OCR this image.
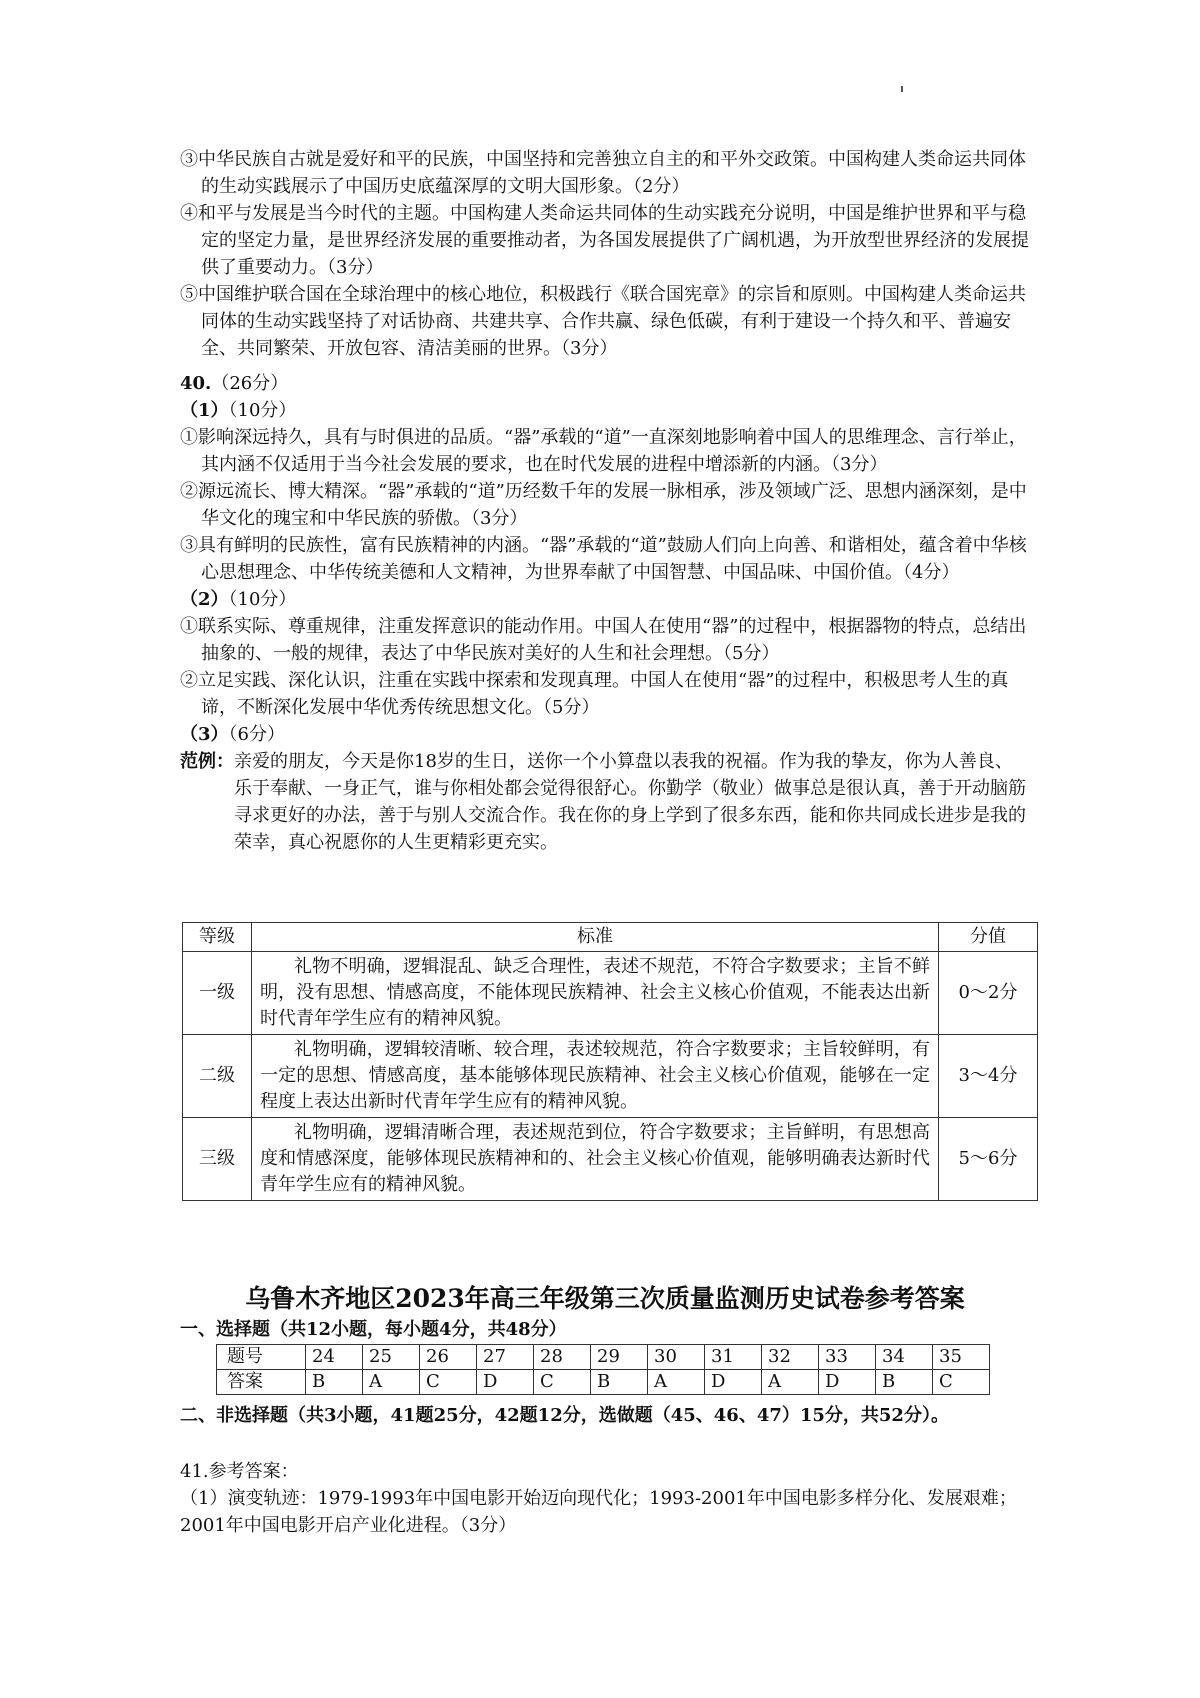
③中华民族自古就是爱好和平的民族，中国坚持和完善独立自主的和平外交政策。中国构建人类命运共同体的生动实践展示了中国历史底蕴深厚的文明大国形象。（2分）

④和平与发展是当今时代的主题。中国构建人类命运共同体的生动实践充分说明，中国是维护世界和平与稳定的坚定力量，是世界经济发展的重要推动者，为各国发展提供了广阔机遇，为开放型世界经济的发展提供了重要动力。（3分）

⑤中国维护联合国在全球治理中的核心地位，积极践行《联合国宪章》的宗旨和原则。中国构建人类命运共同体的生动实践坚持了对话协商、共建共享、合作共赢、绿色低碳，有利于建设一个持久和平、普遍安全、共同繁荣、开放包容、清洁美丽的世界。（3分）

40.（26分）

（1）（10分）

①影响深远持久，具有与时俱进的品质。“器”承载的“道”一直深刻地影响着中国人的思维理念、言行举止，其内涵不仅适用于当今社会发展的要求，也在时代发展的进程中增添新的内涵。（3分）

②源远流长、博大精深。“器”承载的“道”历经数千年的发展一脉相承，涉及领域广泛、思想内涵深刻，是中华文化的瑰宝和中华民族的骄傲。（3分）

③具有鲜明的民族性，富有民族精神的内涵。“器”承载的“道”鼓励人们向上向善、和谐相处，蕴含着中华核心思想理念、中华传统美德和人文精神，为世界奉献了中国智慧、中国品味、中国价值。（4分）

（2）（10分）

①联系实际、尊重规律，注重发挥意识的能动作用。中国人在使用“器”的过程中，根据器物的特点，总结出抽象的、一般的规律，表达了中华民族对美好的人生和社会理想。（5分）

②立足实践、深化认识，注重在实践中探索和发现真理。中国人在使用“器”的过程中，积极思考人生的真谛，不断深化发展中华优秀传统思想文化。（5分）

（3）（6分）

范例： 亲爱的朋友，今天是你18岁的生日，送你一个小算盘以表我的祝福。作为我的挚友，你为人善良、乐于奉献、一身正气，谁与你相处都会觉得很舒心。你勤学（敬业）做事总是很认真，善于开动脑筋寻求更好的办法，善于与别人交流合作。我在你的身上学到了很多东西，能和你共同成长进步是我的荣幸，真心祝愿你的人生更精彩更充实。
等级	标准	分值
一级	礼物不明确，逻辑混乱、缺乏合理性，表述不规范，不符合字数要求；主旨不鲜明，没有思想、情感高度，不能体现民族精神、社会主义核心价值观，不能表达出新时代青年学生应有的精神风貌。	0～2分
二级	礼物明确，逻辑较清晰、较合理，表述较规范，符合字数要求；主旨较鲜明，有一定的思想、情感高度，基本能够体现民族精神、社会主义核心价值观，能够在一定程度上表达出新时代青年学生应有的精神风貌。	3～4分
三级	礼物明确，逻辑清晰合理，表述规范到位，符合字数要求；主旨鲜明，有思想高度和情感深度，能够体现民族精神和的、社会主义核心价值观，能够明确表达新时代青年学生应有的精神风貌。	5～6分
乌鲁木齐地区2023年高三年级第三次质量监测历史试卷参考答案
一、选择题（共12小题，每小题4分，共48分）
题号	24	25	26	27	28	29	30	31	32	33	34	35
答案	B	A	C	D	C	B	A	D	A	D	B	C
二、非选择题（共3小题，41题25分，42题12分，选做题（45、46、47）15分，共52分）。

41.参考答案：

（1）演变轨迹：1979-1993年中国电影开始迈向现代化；1993-2001年中国电影多样分化、发展艰难；2001年中国电影开启产业化进程。（3分）
